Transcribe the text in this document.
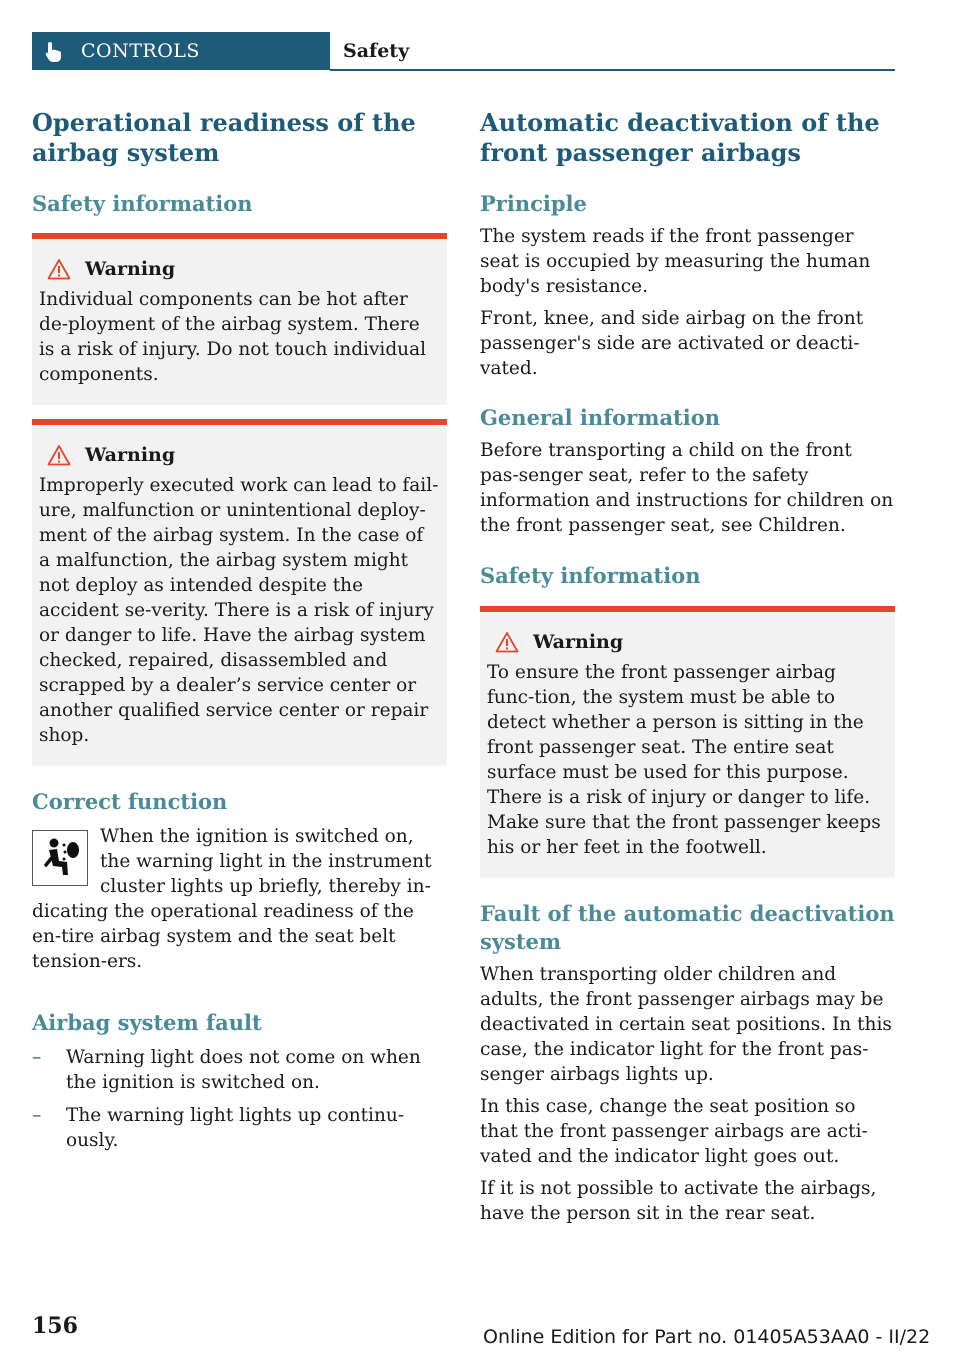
CONTROLS	Safety
Operational readiness of the airbag system
Safety information
Warning

Individual components can be hot after de-ployment of the airbag system. There is a risk of injury. Do not touch individual components.

Warning

Improperly executed work can lead to fail-ure, malfunction or unintentional deploy-ment of the airbag system. In the case of a malfunction, the airbag system might not deploy as intended despite the accident se-verity. There is a risk of injury or danger to life. Have the airbag system checked, repaired, disassembled and scrapped by a dealer’s service center or another qualified service center or repair shop.

Correct function

When the ignition is switched on, the warning light in the instrument cluster lights up briefly, thereby in-dicating the operational readiness of the en-tire airbag system and the seat belt tension-ers.

Airbag system fault
– Warning light does not come on when the ignition is switched on.
– The warning light lights up continu-ously.
Automatic deactivation of the front passenger airbags
Principle

The system reads if the front passenger seat is occupied by measuring the human body's resistance.

Front, knee, and side airbag on the front passenger's side are activated or deacti-vated.

General information

Before transporting a child on the front pas-senger seat, refer to the safety information and instructions for children on the front passenger seat, see Children.

Safety information
Warning

To ensure the front passenger airbag func-tion, the system must be able to detect whether a person is sitting in the front passenger seat. The entire seat surface must be used for this purpose. There is a risk of injury or danger to life. Make sure that the front passenger keeps his or her feet in the footwell.

Fault of the automatic deactivation system

When transporting older children and adults, the front passenger airbags may be deactivated in certain seat positions. In this case, the indicator light for the front pas-senger airbags lights up.

In this case, change the seat position so that the front passenger airbags are acti-vated and the indicator light goes out.

If it is not possible to activate the airbags, have the person sit in the rear seat.

156	Online Edition for Part no. 01405A53AA0 - II/22
